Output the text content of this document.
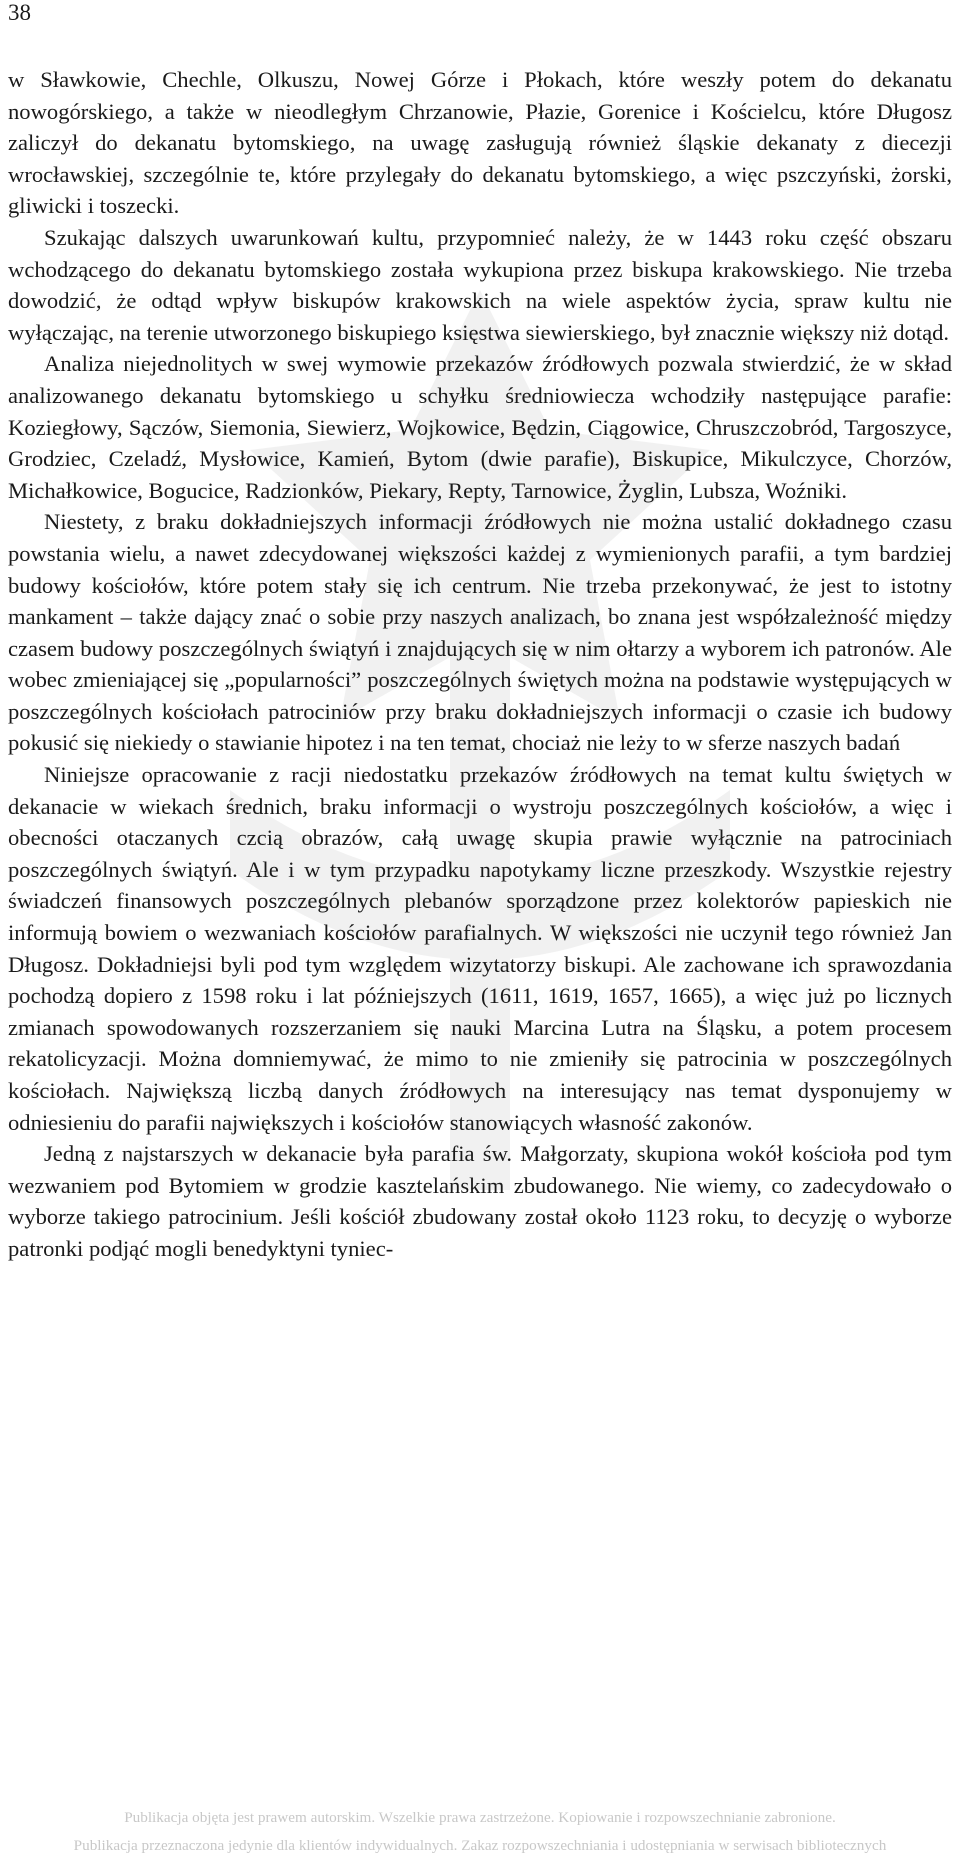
38

w Sławkowie, Chechle, Olkuszu, Nowej Górze i Płokach, które weszły potem do dekanatu nowogórskiego, a także w nieodległym Chrzanowie, Płazie, Gorenice i Kościelcu, które Długosz zaliczył do dekanatu bytomskiego, na uwagę zasługują również śląskie dekanaty z diecezji wrocławskiej, szczególnie te, które przylegały do dekanatu bytomskiego, a więc pszczyński, żorski, gliwicki i toszecki.

Szukając dalszych uwarunkowań kultu, przypomnieć należy, że w 1443 roku część obszaru wchodzącego do dekanatu bytomskiego została wykupiona przez biskupa krakowskiego. Nie trzeba dowodzić, że odtąd wpływ biskupów krakowskich na wiele aspektów życia, spraw kultu nie wyłączając, na terenie utworzonego biskupiego księstwa siewierskiego, był znacznie większy niż dotąd.

Analiza niejednolitych w swej wymowie przekazów źródłowych pozwala stwierdzić, że w skład analizowanego dekanatu bytomskiego u schyłku średniowiecza wchodziły następujące parafie: Koziegłowy, Sączów, Siemonia, Siewierz, Wojkowice, Będzin, Ciągowice, Chruszczobród, Targoszyce, Grodziec, Czeladź, Mysłowice, Kamień, Bytom (dwie parafie), Biskupice, Mikulczyce, Chorzów, Michałkowice, Bogucice, Radzionków, Piekary, Repty, Tarnowice, Żyglin, Lubsza, Woźniki.

Niestety, z braku dokładniejszych informacji źródłowych nie można ustalić dokładnego czasu powstania wielu, a nawet zdecydowanej większości każdej z wymienionych parafii, a tym bardziej budowy kościołów, które potem stały się ich centrum. Nie trzeba przekonywać, że jest to istotny mankament – także dający znać o sobie przy naszych analizach, bo znana jest współzależność między czasem budowy poszczególnych świątyń i znajdujących się w nim ołtarzy a wyborem ich patronów. Ale wobec zmieniającej się „popularności” poszczególnych świętych można na podstawie występujących w poszczególnych kościołach patrociniów przy braku dokładniejszych informacji o czasie ich budowy pokusić się niekiedy o stawianie hipotez i na ten temat, chociaż nie leży to w sferze naszych badań

Niniejsze opracowanie z racji niedostatku przekazów źródłowych na temat kultu świętych w dekanacie w wiekach średnich, braku informacji o wystroju poszczególnych kościołów, a więc i obecności otaczanych czcią obrazów, całą uwagę skupia prawie wyłącznie na patrociniach poszczególnych świątyń. Ale i w tym przypadku napotykamy liczne przeszkody. Wszystkie rejestry świadczeń finansowych poszczególnych plebanów sporządzone przez kolektorów papieskich nie informują bowiem o wezwaniach kościołów parafialnych. W większości nie uczynił tego również Jan Długosz. Dokładniejsi byli pod tym względem wizytatorzy biskupi. Ale zachowane ich sprawozdania pochodzą dopiero z 1598 roku i lat późniejszych (1611, 1619, 1657, 1665), a więc już po licznych zmianach spowodowanych rozszerzaniem się nauki Marcina Lutra na Śląsku, a potem procesem rekatolicyzacji. Można domniemywać, że mimo to nie zmieniły się patrocinia w poszczególnych kościołach. Największą liczbą danych źródłowych na interesujący nas temat dysponujemy w odniesieniu do parafii największych i kościołów stanowiących własność zakonów.

Jedną z najstarszych w dekanacie była parafia św. Małgorzaty, skupiona wokół kościoła pod tym wezwaniem pod Bytomiem w grodzie kasztelańskim zbudowanego. Nie wiemy, co zadecydowało o wyborze takiego patrocinium. Jeśli kościół zbudowany został około 1123 roku, to decyzję o wyborze patronki podjąć mogli benedyktyni tyniec-

Publikacja objęta jest prawem autorskim. Wszelkie prawa zastrzeżone. Kopiowanie i rozpowszechnianie zabronione.
Publikacja przeznaczona jedynie dla klientów indywidualnych. Zakaz rozpowszechniania i udostępniania w serwisach bibliotecznych
